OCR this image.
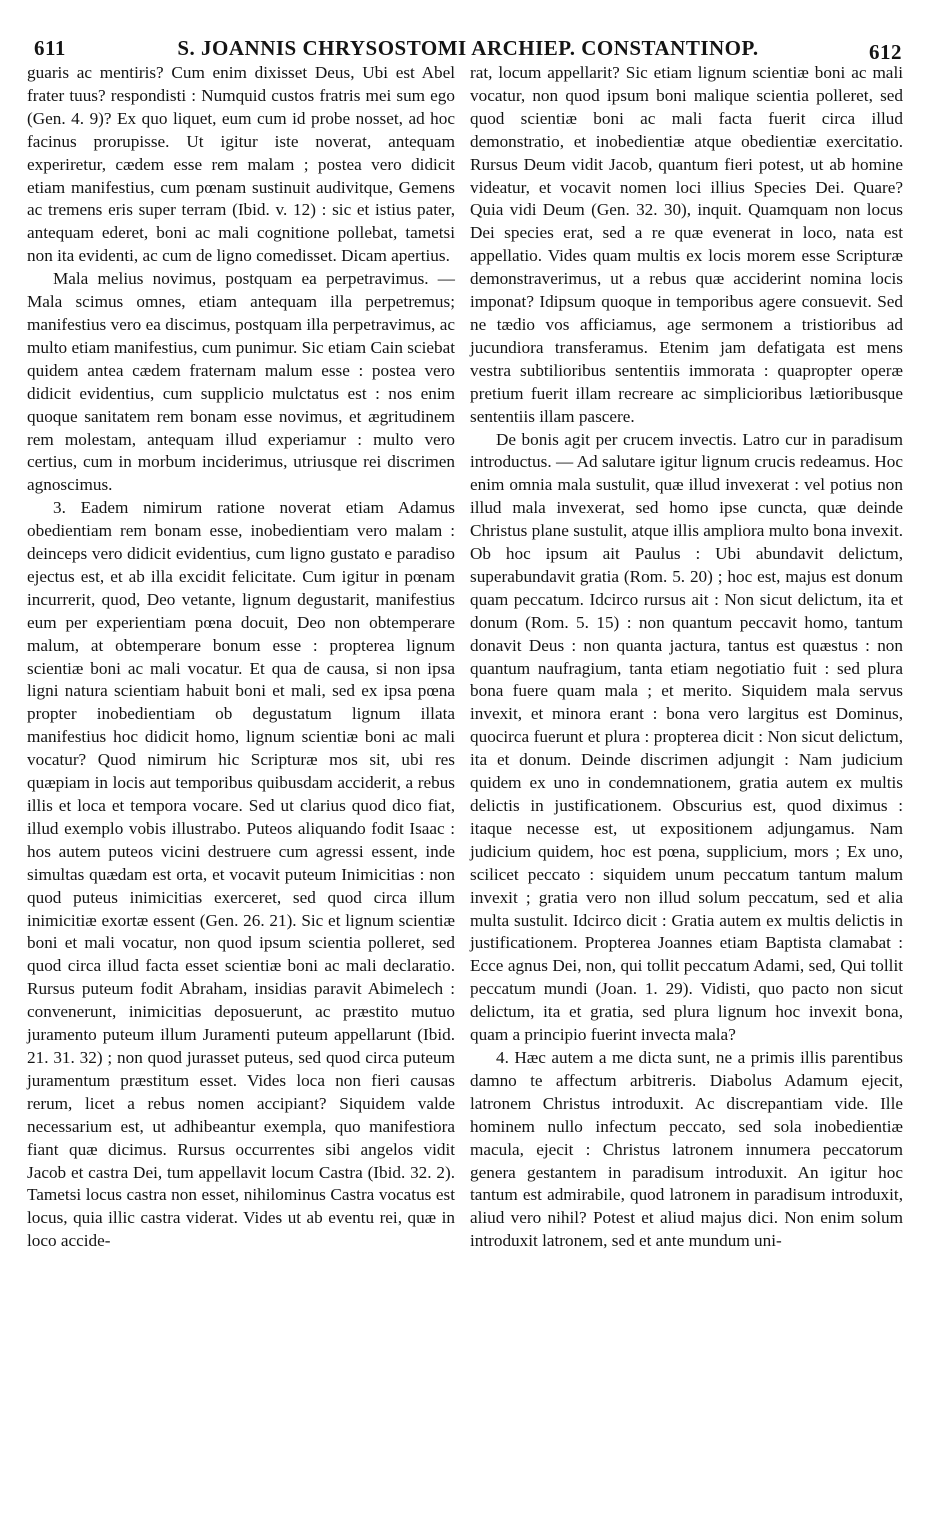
611	S. JOANNIS CHRYSOSTOMI ARCHIEP. CONSTANTINOP.	612

guaris ac mentiris? Cum enim dixisset Deus, Ubi est Abel frater tuus? respondisti : Numquid custos fratris mei sum ego (Gen. 4. 9)? Ex quo liquet, eum cum id probe nosset, ad hoc facinus prorupisse. Ut igitur iste noverat, antequam experiretur, cædem esse rem malam ; postea vero didicit etiam manifestius, cum pœnam sustinuit audivitque, Gemens ac tremens eris super terram (Ibid. v. 12) : sic et istius pater, antequam ederet, boni ac mali cognitione pollebat, tametsi non ita evidenti, ac cum de ligno comedisset. Dicam apertius.

Mala melius novimus, postquam ea perpetravimus. — Mala scimus omnes, etiam antequam illa perpetremus; manifestius vero ea discimus, postquam illa perpetravimus, ac multo etiam manifestius, cum punimur. Sic etiam Cain sciebat quidem antea cædem fraternam malum esse : postea vero didicit evidentius, cum supplicio mulctatus est : nos enim quoque sanitatem rem bonam esse novimus, et ægritudinem rem molestam, antequam illud experiamur : multo vero certius, cum in morbum inciderimus, utriusque rei discrimen agnoscimus.

3. Eadem nimirum ratione noverat etiam Adamus obedientiam rem bonam esse, inobedientiam vero malam : deinceps vero didicit evidentius, cum ligno gustato e paradiso ejectus est, et ab illa excidit felicitate. Cum igitur in pœnam incurrerit, quod, Deo vetante, lignum degustarit, manifestius eum per experientiam pœna docuit, Deo non obtemperare malum, at obtemperare bonum esse : propterea lignum scientiæ boni ac mali vocatur. Et qua de causa, si non ipsa ligni natura scientiam habuit boni et mali, sed ex ipsa pœna propter inobedientiam ob degustatum lignum illata manifestius hoc didicit homo, lignum scientiæ boni ac mali vocatur? Quod nimirum hic Scripturæ mos sit, ubi res quæpiam in locis aut temporibus quibusdam acciderit, a rebus illis et loca et tempora vocare. Sed ut clarius quod dico fiat, illud exemplo vobis illustrabo. Puteos aliquando fodit Isaac : hos autem puteos vicini destruere cum agressi essent, inde simultas quædam est orta, et vocavit puteum Inimicitias : non quod puteus inimicitias exerceret, sed quod circa illum inimicitiæ exortæ essent (Gen. 26. 21). Sic et lignum scientiæ boni et mali vocatur, non quod ipsum scientia polleret, sed quod circa illud facta esset scientiæ boni ac mali declaratio. Rursus puteum fodit Abraham, insidias paravit Abimelech : convenerunt, inimicitias deposuerunt, ac præstito mutuo juramento puteum illum Juramenti puteum appellarunt (Ibid. 21. 31. 32) ; non quod jurasset puteus, sed quod circa puteum juramentum præstitum esset. Vides loca non fieri causas rerum, licet a rebus nomen accipiant? Siquidem valde necessarium est, ut adhibeantur exempla, quo manifestiora fiant quæ dicimus. Rursus occurrentes sibi angelos vidit Jacob et castra Dei, tum appellavit locum Castra (Ibid. 32. 2). Tametsi locus castra non esset, nihilominus Castra vocatus est locus, quia illic castra viderat. Vides ut ab eventu rei, quæ in loco accide-

rat, locum appellarit? Sic etiam lignum scientiæ boni ac mali vocatur, non quod ipsum boni malique scientia polleret, sed quod scientiæ boni ac mali facta fuerit circa illud demonstratio, et inobedientiæ atque obedientiæ exercitatio. Rursus Deum vidit Jacob, quantum fieri potest, ut ab homine videatur, et vocavit nomen loci illius Species Dei. Quare? Quia vidi Deum (Gen. 32. 30), inquit. Quamquam non locus Dei species erat, sed a re quæ evenerat in loco, nata est appellatio. Vides quam multis ex locis morem esse Scripturæ demonstraverimus, ut a rebus quæ acciderint nomina locis imponat? Idipsum quoque in temporibus agere consuevit. Sed ne tædio vos afficiamus, age sermonem a tristioribus ad jucundiora transferamus. Etenim jam defatigata est mens vestra subtilioribus sententiis immorata : quapropter operæ pretium fuerit illam recreare ac simplicioribus lætioribusque sententiis illam pascere.

De bonis agit per crucem invectis. Latro cur in paradisum introductus. — Ad salutare igitur lignum crucis redeamus. Hoc enim omnia mala sustulit, quæ illud invexerat : vel potius non illud mala invexerat, sed homo ipse cuncta, quæ deinde Christus plane sustulit, atque illis ampliora multo bona invexit. Ob hoc ipsum ait Paulus : Ubi abundavit delictum, superabundavit gratia (Rom. 5. 20) ; hoc est, majus est donum quam peccatum. Idcirco rursus ait : Non sicut delictum, ita et donum (Rom. 5. 15) : non quantum peccavit homo, tantum donavit Deus : non quanta jactura, tantus est quæstus : non quantum naufragium, tanta etiam negotiatio fuit : sed plura bona fuere quam mala ; et merito. Siquidem mala servus invexit, et minora erant : bona vero largitus est Dominus, quocirca fuerunt et plura : propterea dicit : Non sicut delictum, ita et donum. Deinde discrimen adjungit : Nam judicium quidem ex uno in condemnationem, gratia autem ex multis delictis in justificationem. Obscurius est, quod diximus : itaque necesse est, ut expositionem adjungamus. Nam judicium quidem, hoc est pœna, supplicium, mors ; Ex uno, scilicet peccato : siquidem unum peccatum tantum malum invexit ; gratia vero non illud solum peccatum, sed et alia multa sustulit. Idcirco dicit : Gratia autem ex multis delictis in justificationem. Propterea Joannes etiam Baptista clamabat : Ecce agnus Dei, non, qui tollit peccatum Adami, sed, Qui tollit peccatum mundi (Joan. 1. 29). Vidisti, quo pacto non sicut delictum, ita et gratia, sed plura lignum hoc invexit bona, quam a principio fuerint invecta mala?

4. Hæc autem a me dicta sunt, ne a primis illis parentibus damno te affectum arbitreris. Diabolus Adamum ejecit, latronem Christus introduxit. Ac discrepantiam vide. Ille hominem nullo infectum peccato, sed sola inobedientiæ macula, ejecit : Christus latronem innumera peccatorum genera gestantem in paradisum introduxit. An igitur hoc tantum est admirabile, quod latronem in paradisum introduxit, aliud vero nihil? Potest et aliud majus dici. Non enim solum introduxit latronem, sed et ante mundum uni-
